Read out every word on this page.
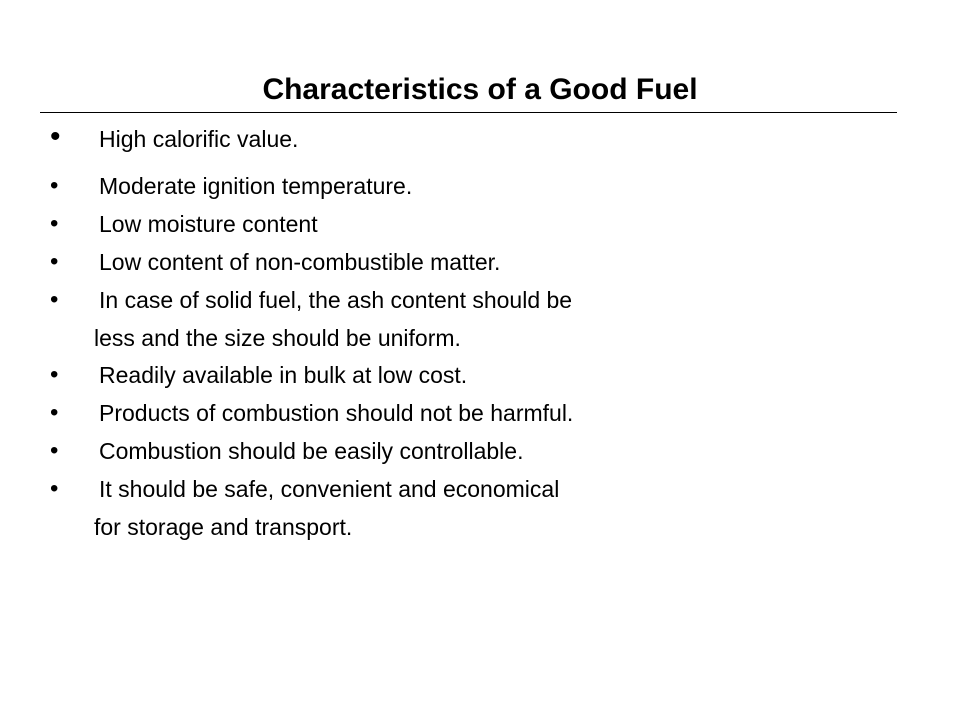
Characteristics of a Good Fuel
• High calorific value.
• Moderate ignition temperature.
• Low moisture content
• Low content of non-combustible matter.
• In case of solid fuel, the ash content should be
less and the size should be uniform.
• Readily available in bulk at low cost.
• Products of combustion should not be harmful.
• Combustion should be easily controllable.
• It should be safe, convenient and economical
for storage and transport.
